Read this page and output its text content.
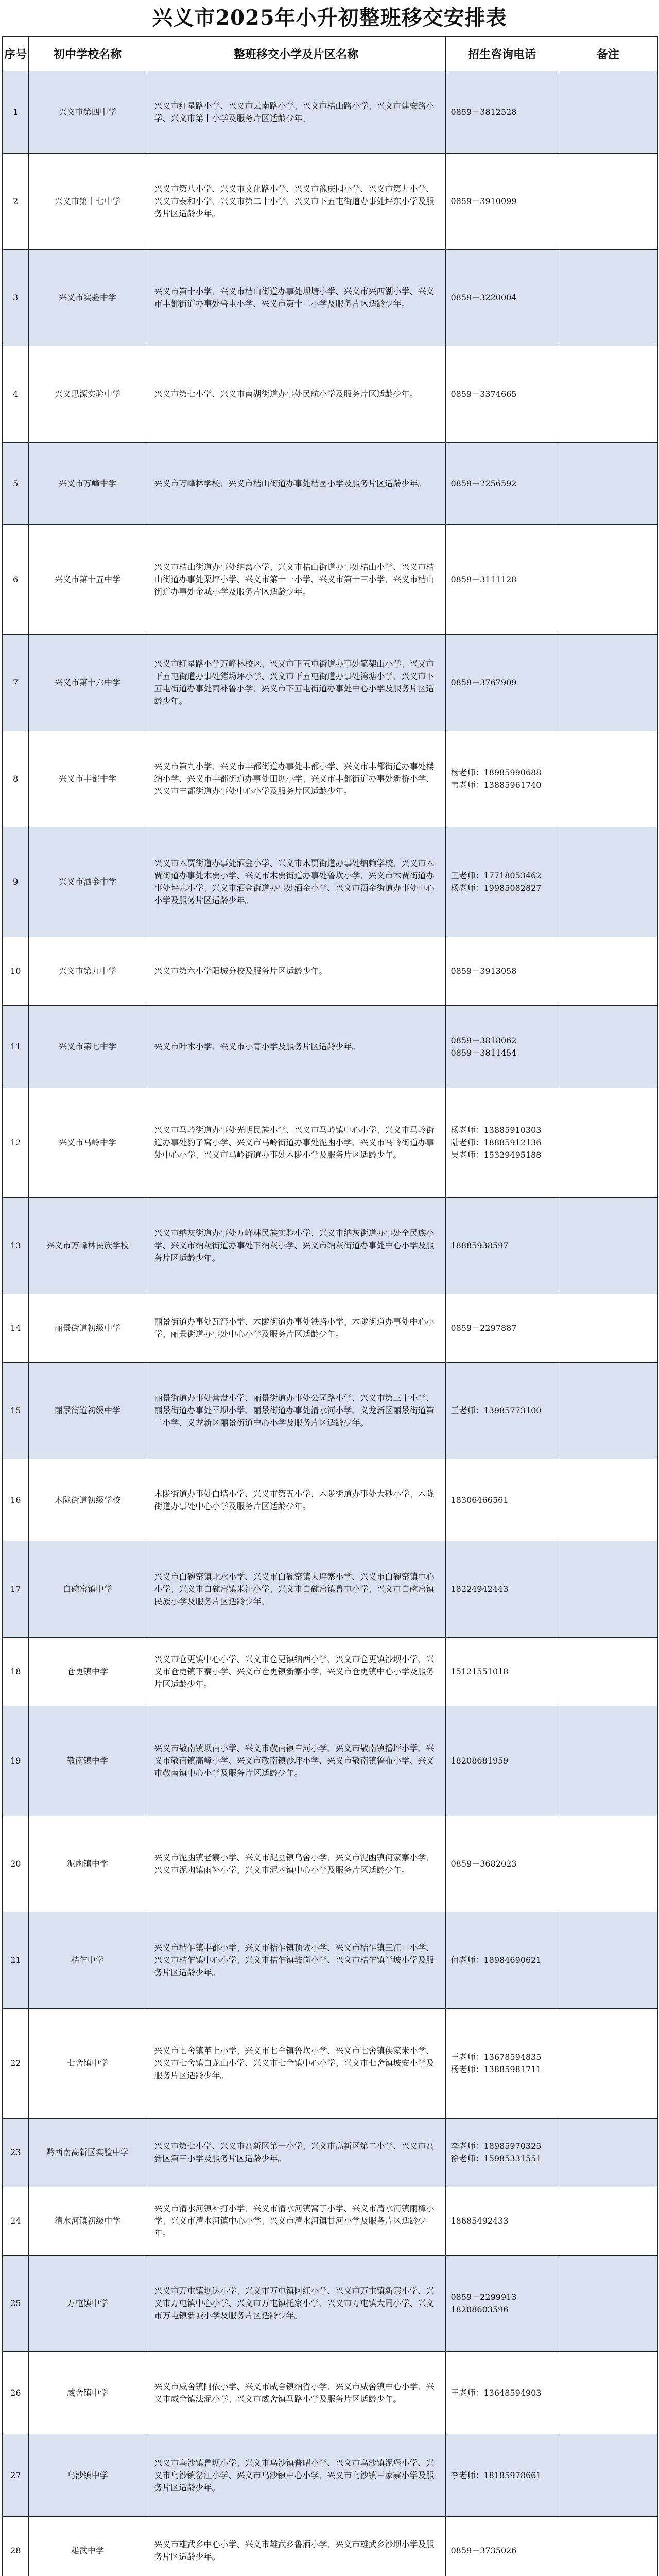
兴义市2025年小升初整班移交安排表
序号	初中学校名称	整班移交小学及片区名称	招生咨询电话	备注
1	兴义市第四中学	兴义市红星路小学、兴义市云南路小学、兴义市桔山路小学、兴义市建安路小学、兴义市第十小学及服务片区适龄少年。	0859－3812528	
2	兴义市第十七中学	兴义市第八小学、兴义市文化路小学、兴义市豫庆园小学、兴义市第九小学、兴义市泰和小学、兴义市第二十小学、兴义市下五屯街道办事处坪东小学及服务片区适龄少年。	0859－3910099	
3	兴义市实验中学	兴义市第十小学、兴义市桔山街道办事处坝塘小学、兴义市兴西湖小学、兴义市丰都街道办事处鲁屯小学、兴义市第十二小学及服务片区适龄少年。	0859－3220004	
4	兴义思源实验中学	兴义市第七小学、兴义市南湖街道办事处民航小学及服务片区适龄少年。	0859－3374665	
5	兴义市万峰中学	兴义市万峰林学校、兴义市桔山街道办事处桔园小学及服务片区适龄少年。	0859－2256592	
6	兴义市第十五中学	兴义市桔山街道办事处纳窝小学、兴义市桔山街道办事处桔山小学、兴义市桔山街道办事处栗坪小学、兴义市第十一小学、兴义市第十三小学、兴义市桔山街道办事处金城小学及服务片区适龄少年。	0859－3111128	
7	兴义市第十六中学	兴义市红星路小学万峰林校区、兴义市下五屯街道办事处笔架山小学、兴义市下五屯街道办事处猪场坪小学、兴义市下五屯街道办事处湾塘小学、兴义市下五屯街道办事处雨补鲁小学、兴义市下五屯街道办事处中心小学及服务片区适龄少年。	0859－3767909	
8	兴义市丰都中学	兴义市第九小学、兴义市丰都街道办事处丰都小学、兴义市丰都街道办事处楼纳小学、兴义市丰都街道办事处田坝小学、兴义市丰都街道办事处新桥小学、兴义市丰都街道办事处中心小学及服务片区适龄少年。	杨老师：18985990688
韦老师：13885961740	
9	兴义市洒金中学	兴义市木贾街道办事处洒金小学、兴义市木贾街道办事处纳赖学校、兴义市木贾街道办事处木贾小学、兴义市木贾街道办事处鲁坎小学、兴义市木贾街道办事处坪寨小学、兴义市洒金街道办事处洒金小学、兴义市洒金街道办事处中心小学及服务片区适龄少年。	王老师：17718053462
杨老师：19985082827	
10	兴义市第九中学	兴义市第六小学阳城分校及服务片区适龄少年。	0859－3913058	
11	兴义市第七中学	兴义市叶木小学、兴义市小青小学及服务片区适龄少年。	0859－3818062
0859－3811454	
12	兴义市马岭中学	兴义市马岭街道办事处光明民族小学、兴义市马岭镇中心小学、兴义市马岭街道办事处豹子窝小学、兴义市马岭街道办事处泥凼小学、兴义市马岭街道办事处中心小学、兴义市马岭街道办事处木陇小学及服务片区适龄少年。	杨老师：13885910303
陆老师：18885912136
吴老师：15329495188	
13	兴义市万峰林民族学校	兴义市纳灰街道办事处万峰林民族实验小学、兴义市纳灰街道办事处全民族小学、兴义市纳灰街道办事处下纳灰小学、兴义市纳灰街道办事处中心小学及服务片区适龄少年。	18885938597	
14	丽景街道初级中学	丽景街道办事处瓦窑小学、木陇街道办事处铁路小学、木陇街道办事处中心小学、丽景街道办事处中心小学及服务片区适龄少年。	0859－2297887	
15	丽景街道初级中学	丽景街道办事处营盘小学、丽景街道办事处公园路小学、兴义市第三十小学、丽景街道办事处平坝小学、丽景街道办事处清水河小学、义龙新区丽景街道第二小学、义龙新区丽景街道中心小学及服务片区适龄少年。	王老师：13985773100	
16	木陇街道初级学校	木陇街道办事处白墙小学、兴义市第五小学、木陇街道办事处大砂小学、木陇街道办事处中心小学及服务片区适龄少年。	18306466561	
17	白碗窑镇中学	兴义市白碗窑镇北水小学、兴义市白碗窑镇大坪寨小学、兴义市白碗窑镇中心小学、兴义市白碗窑镇米汪小学、兴义市白碗窑镇鲁屯小学、兴义市白碗窑镇民族小学及服务片区适龄少年。	18224942443	
18	仓更镇中学	兴义市仓更镇中心小学、兴义市仓更镇纳西小学、兴义市仓更镇沙坝小学、兴义市仓更镇下寨小学、兴义市仓更镇新寨小学、兴义市仓更镇中心小学及服务片区适龄少年。	15121551018	
19	敬南镇中学	兴义市敬南镇坝南小学、兴义市敬南镇白河小学、兴义市敬南镇播坪小学、兴义市敬南镇高峰小学、兴义市敬南镇沙坪小学、兴义市敬南镇鲁布小学、兴义市敬南镇中心小学及服务片区适龄少年。	18208681959	
20	泥凼镇中学	兴义市泥凼镇老寨小学、兴义市泥凼镇乌舍小学、兴义市泥凼镇何家寨小学、兴义市泥凼镇雨补小学、兴义市泥凼镇中心小学及服务片区适龄少年。	0859－3682023	
21	桔乍中学	兴义市桔乍镇丰都小学、兴义市桔乍镇顶效小学、兴义市桔乍镇三江口小学、兴义市桔乍镇中心小学、兴义市桔乍镇坡岗小学、兴义市桔乍镇半坡小学及服务片区适龄少年。	何老师：18984690621	
22	七舍镇中学	兴义市七舍镇革上小学、兴义市七舍镇鲁坎小学、兴义市七舍镇侠家米小学、兴义市七舍镇白龙山小学、兴义市七舍镇中心小学、兴义市七舍镇坡安小学及服务片区适龄少年。	王老师：13678594835
杨老师：13885981711	
23	黔西南高新区实验中学	兴义市第七小学、兴义市高新区第一小学、兴义市高新区第二小学、兴义市高新区第三小学及服务片区适龄少年。	李老师：18985970325
徐老师：15985331551	
24	清水河镇初级中学	兴义市清水河镇补打小学、兴义市清水河镇窝子小学、兴义市清水河镇雨樟小学、兴义市清水河镇中心小学、兴义市清水河镇甘河小学及服务片区适龄少年。	18685492433	
25	万屯镇中学	兴义市万屯镇坝达小学、兴义市万屯镇阿红小学、兴义市万屯镇新寨小学、兴义市万屯镇中心小学、兴义市万屯镇托家小学、兴义市万屯镇大同小学、兴义市万屯镇新城小学及服务片区适龄少年。	0859－2299913
18208603596	
26	威舍镇中学	兴义市威舍镇阿依小学、兴义市威舍镇纳省小学、兴义市威舍镇中心小学、兴义市威舍镇法泥小学、兴义市威舍镇马路小学及服务片区适龄少年。	王老师：13648594903	
27	乌沙镇中学	兴义市乌沙镇鲁坝小学、兴义市乌沙镇普晴小学、兴义市乌沙镇泥堡小学、兴义市乌沙镇岔江小学、兴义市乌沙镇中心小学、兴义市乌沙镇三家寨小学及服务片区适龄少年。	李老师：18185978661	
28	雄武中学	兴义市雄武乡中心小学、兴义市雄武乡鲁洒小学、兴义市雄武乡沙坝小学及服务片区适龄少年。	0859－3735026	
